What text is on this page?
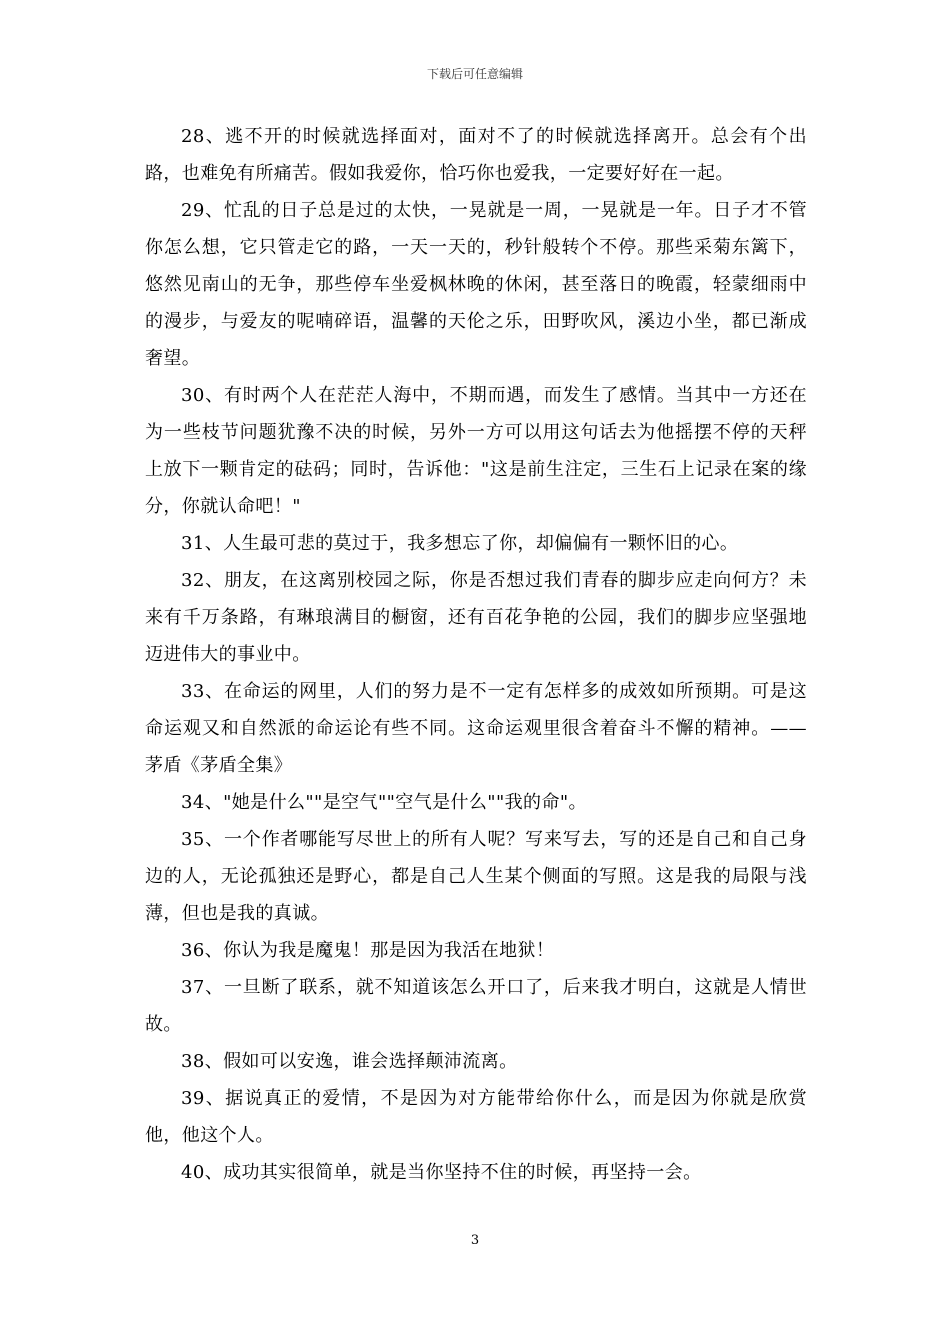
下载后可任意编辑

28、逃不开的时候就选择面对，面对不了的时候就选择离开。总会有个出路，也难免有所痛苦。假如我爱你，恰巧你也爱我，一定要好好在一起。

29、忙乱的日子总是过的太快，一晃就是一周，一晃就是一年。日子才不管你怎么想，它只管走它的路，一天一天的，秒针般转个不停。那些采菊东篱下，悠然见南山的无争，那些停车坐爱枫林晚的休闲，甚至落日的晚霞，轻蒙细雨中的漫步，与爱友的呢喃碎语，温馨的天伦之乐，田野吹风，溪边小坐，都已渐成奢望。

30、有时两个人在茫茫人海中，不期而遇，而发生了感情。当其中一方还在为一些枝节问题犹豫不决的时候，另外一方可以用这句话去为他摇摆不停的天秤上放下一颗肯定的砝码；同时，告诉他："这是前生注定，三生石上记录在案的缘分，你就认命吧！"

31、人生最可悲的莫过于，我多想忘了你，却偏偏有一颗怀旧的心。

32、朋友，在这离别校园之际，你是否想过我们青春的脚步应走向何方？未来有千万条路，有琳琅满目的橱窗，还有百花争艳的公园，我们的脚步应坚强地迈进伟大的事业中。

33、在命运的网里，人们的努力是不一定有怎样多的成效如所预期。可是这命运观又和自然派的命运论有些不同。这命运观里很含着奋斗不懈的精神。——茅盾《茅盾全集》

34、"她是什么""是空气""空气是什么""我的命"。

35、一个作者哪能写尽世上的所有人呢？写来写去，写的还是自己和自己身边的人，无论孤独还是野心，都是自己人生某个侧面的写照。这是我的局限与浅薄，但也是我的真诚。

36、你认为我是魔鬼！那是因为我活在地狱！

37、一旦断了联系，就不知道该怎么开口了，后来我才明白，这就是人情世故。

38、假如可以安逸，谁会选择颠沛流离。

39、据说真正的爱情，不是因为对方能带给你什么，而是因为你就是欣赏他，他这个人。

40、成功其实很简单，就是当你坚持不住的时候，再坚持一会。

3
